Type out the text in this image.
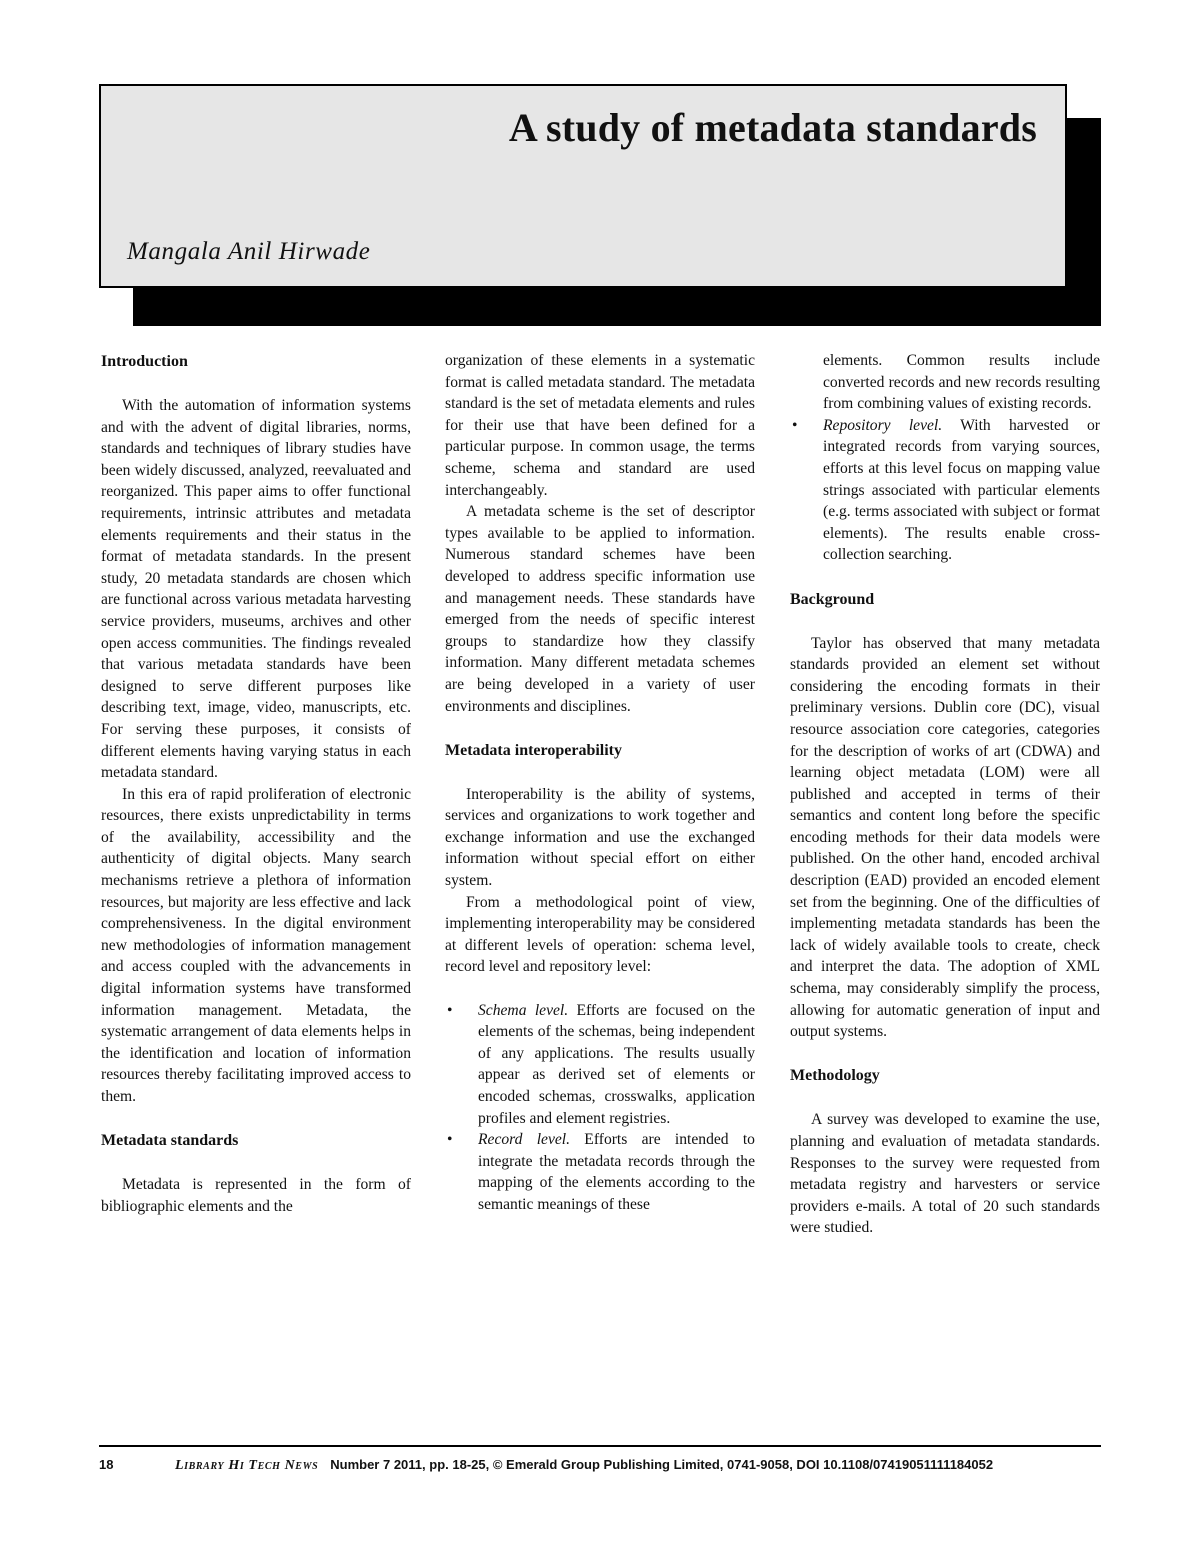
A study of metadata standards
Mangala Anil Hirwade
Introduction

With the automation of information systems and with the advent of digital libraries, norms, standards and techniques of library studies have been widely discussed, analyzed, reevaluated and reorganized. This paper aims to offer functional requirements, intrinsic attributes and metadata elements requirements and their status in the format of metadata standards. In the present study, 20 metadata standards are chosen which are functional across various metadata harvesting service providers, museums, archives and other open access communities. The findings revealed that various metadata standards have been designed to serve different purposes like describing text, image, video, manuscripts, etc. For serving these purposes, it consists of different elements having varying status in each metadata standard.

In this era of rapid proliferation of electronic resources, there exists unpredictability in terms of the availability, accessibility and the authenticity of digital objects. Many search mechanisms retrieve a plethora of information resources, but majority are less effective and lack comprehensiveness. In the digital environment new methodologies of information management and access coupled with the advancements in digital information systems have transformed information management. Metadata, the systematic arrangement of data elements helps in the identification and location of information resources thereby facilitating improved access to them.

Metadata standards

Metadata is represented in the form of bibliographic elements and the

organization of these elements in a systematic format is called metadata standard. The metadata standard is the set of metadata elements and rules for their use that have been defined for a particular purpose. In common usage, the terms scheme, schema and standard are used interchangeably.

A metadata scheme is the set of descriptor types available to be applied to information. Numerous standard schemes have been developed to address specific information use and management needs. These standards have emerged from the needs of specific interest groups to standardize how they classify information. Many different metadata schemes are being developed in a variety of user environments and disciplines.

Metadata interoperability

Interoperability is the ability of systems, services and organizations to work together and exchange information and use the exchanged information without special effort on either system.

From a methodological point of view, implementing interoperability may be considered at different levels of operation: schema level, record level and repository level:

• Schema level. Efforts are focused on the elements of the schemas, being independent of any applications. The results usually appear as derived set of elements or encoded schemas, crosswalks, application profiles and element registries.
• Record level. Efforts are intended to integrate the metadata records through the mapping of the elements according to the semantic meanings of these
elements. Common results include converted records and new records resulting from combining values of existing records.
• Repository level. With harvested or integrated records from varying sources, efforts at this level focus on mapping value strings associated with particular elements (e.g. terms associated with subject or format elements). The results enable cross-collection searching.
Background

Taylor has observed that many metadata standards provided an element set without considering the encoding formats in their preliminary versions. Dublin core (DC), visual resource association core categories, categories for the description of works of art (CDWA) and learning object metadata (LOM) were all published and accepted in terms of their semantics and content long before the specific encoding methods for their data models were published. On the other hand, encoded archival description (EAD) provided an encoded element set from the beginning. One of the difficulties of implementing metadata standards has been the lack of widely available tools to create, check and interpret the data. The adoption of XML schema, may considerably simplify the process, allowing for automatic generation of input and output systems.

Methodology

A survey was developed to examine the use, planning and evaluation of metadata standards. Responses to the survey were requested from metadata registry and harvesters or service providers e-mails. A total of 20 such standards were studied.

18	Library Hi Tech News Number 7 2011, pp. 18-25, © Emerald Group Publishing Limited, 0741-9058, DOI 10.1108/07419051111184052
